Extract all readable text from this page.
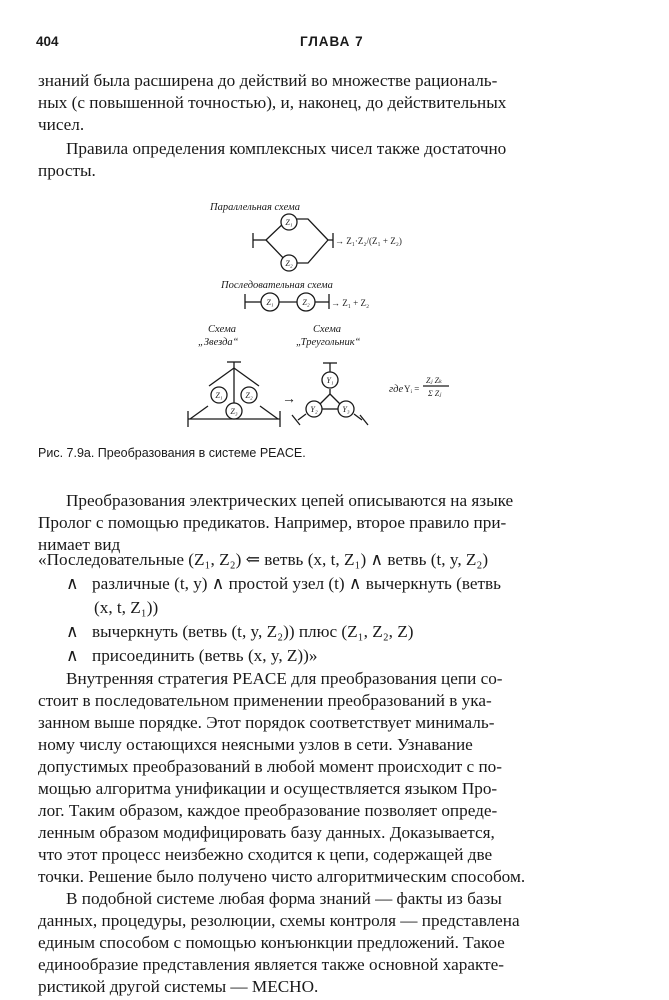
404	ГЛАВА 7
знаний была расширена до действий во множестве рациональ-
ных (с повышенной точностью), и, наконец, до действительных
чисел.
Правила определения комплексных чисел также достаточно
просты.
Параллельная схема
→ Z₁·Z₂/(Z₁ + Z₂)
Z₁
Z₂
Последовательная схема
Z₁	Z₂ → Z₁ + Z₂
Схема
„Звезда“
Схема
„Треугольник“
Z₁	Z₂
Z₃
→
Y₁
Y₂	Y₃
где Yᵢ =
Zⱼ Zₖ
Σ Zⱼ
Рис. 7.9а. Преобразования в системе PEACE.
Преобразования электрических цепей описываются на языке
Пролог с помощью предикатов. Например, второе правило при-
нимает вид
«Последовательные (Z₁, Z₂) ⇐ ветвь (x, t, Z₁) ∧ ветвь (t, y, Z₂)
∧ различные (t, y) ∧ простой узел (t) ∧ вычеркнуть (ветвь
(x, t, Z₁))
∧ вычеркнуть (ветвь (t, y, Z₂)) плюс (Z₁, Z₂, Z)
∧ присоединить (ветвь (x, y, Z))»
Внутренняя стратегия PEACE для преобразования цепи со-
стоит в последовательном применении преобразований в ука-
занном выше порядке. Этот порядок соответствует минималь-
ному числу остающихся неясными узлов в сети. Узнавание
допустимых преобразований в любой момент происходит с по-
мощью алгоритма унификации и осуществляется языком Про-
лог. Таким образом, каждое преобразование позволяет опреде-
ленным образом модифицировать базу данных. Доказывается,
что этот процесс неизбежно сходится к цепи, содержащей две
точки. Решение было получено чисто алгоритмическим способом.
В подобной системе любая форма знаний — факты из базы
данных, процедуры, резолюции, схемы контроля — представлена
единым способом с помощью конъюнкции предложений. Такое
единообразие представления является также основной характе-
ристикой другой системы — MECHO.
